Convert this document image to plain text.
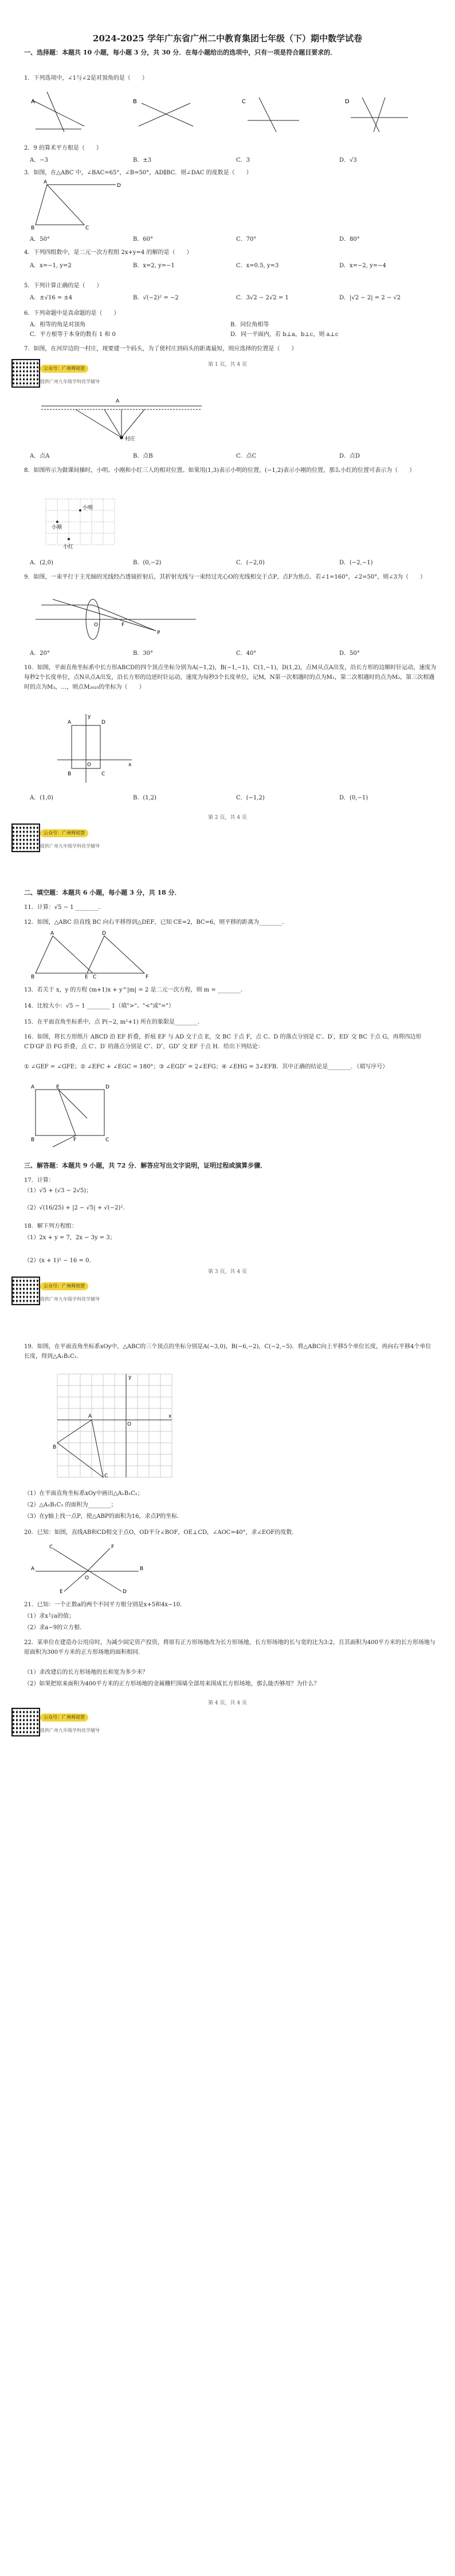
2024-2025 学年广东省广州二中教育集团七年级（下）期中数学试卷
一、选择题：本题共 10 小题，每小题 3 分，共 30 分．在每小题给出的选项中，只有一项是符合题目要求的．
1．下列选项中，∠1与∠2是对顶角的是（　　）
A	B	C	D
2．9 的算术平方根是（　　）
A．−3	B．±3	C．3	D．√3
3．如图，在△ABC 中，∠BAC=65°，∠B=50°，AD∥BC．则∠DAC 的度数是（　　）
A
B	C
D
A．50°	B．60°	C．70°	D．80°
4．下列四组数中，是二元一次方程组 2x+y=4 的解的是（　　）
A．x=−1, y=2	B．x=2, y=−1	C．x=0.5, y=3	D．x=−2, y=−4
5．下列计算正确的是（　　）
A．±√16 = ±4	B．√(−2)² = −2	C．3√2 − 2√2 = 1	D．|√2 − 2| = 2 − √2
6．下列命题中是真命题的是（　　）
A．相等的角是对顶角	B．同位角相等
C．平方根等于本身的数有 1 和 0	D．同一平面内，若 b⊥a，b⊥c，则 a⊥c
7．如图，在河岸边的一村庄，现要建一个码头，为了使村庄到码头的距离最短，则应选择的位置是（　　）
公众号：广州师初荟
提供广州九年级学科优学辅导
第 1 页，共 4 页
A
村庄
A．点A	B．点B	C．点C	D．点D
8．如图所示为做课间操时，小明、小刚和小红三人的相对位置。如果用(1,3)表示小明的位置，(−1,2)表示小刚的位置，那么小红的位置可表示为（　　）
小明
小刚
小红
A．(2,0)	B．(0,−2)	C．(−2,0)	D．(−2,−1)
9．如图，一束平行于主光轴的光线经凸透镜折射后，其折射光线与一束经过光心O的光线相交于点P，点F为焦点．若∠1=160°，∠2=50°，则∠3为（　　）
O	F
P
A．20°	B．30°	C．40°	D．50°
10．如图，平面直角坐标系中长方形ABCD的四个顶点坐标分别为A(−1,2)，B(−1,−1)，C(1,−1)，D(1,2)，点M从点A出发，沿长方形的边顺时针运动，速度为每秒2个长度单位，点N从点A出发，沿长方形的边逆时针运动，速度为每秒3个长度单位，记M，N第一次相遇时的点为M₁，第二次相遇时的点为M₂，第三次相遇时的点为M₃，…，则点M₂₀₂₅的坐标为（　　）
A	D
B	C
O	x
y
A．(1,0)	B．(1,2)	C．(−1,2)	D．(0,−1)
第 2 页，共 4 页
公众号：广州师初荟
提供广州九年级学科优学辅导
二、填空题：本题共 6 小题，每小题 3 分，共 18 分．
11．计算：√5 − 1 ________．
12．如图，△ABC 沿直线 BC 向右平移得到△DEF，已知 CE=2，BC=6，则平移的距离为________．
A
B	E C
D
F
13．若关于 x，y 的方程 (m+1)x + y^|m| = 2 是二元一次方程，则 m = ________．
14．比较大小：√5 − 1 ________ 1（填">"、"<"或"="）
15．在平面直角坐标系中，点 P(−2, m²+1) 所在的象限是________．
16．如图，将长方形纸片 ABCD 沿 EF 折叠，折痕 EF 与 AD 交于点 E，交 BC 于点 F，点 C、D 的落点分别是 C′、D′，ED′ 交 BC 于点 G，再将四边形 C′D′GF 沿 FG 折叠，点 C′、D′ 的落点分别是 C″、D″，GD″ 交 EF 于点 H．给出下列结论：
① ∠GEF = ∠GFE；② ∠EFC + ∠EGC = 180°；③ ∠EGD″ = 2∠EFG；④ ∠EHG = 3∠EFB．其中正确的结论是________．（填写序号）
A	E	D
B	F	C
三、解答题：本题共 9 小题，共 72 分．解答应写出文字说明，证明过程或演算步骤．
17．计算：
（1）√5 + (√3 − 2√5)；
（2）√(16/25) + |2 − √5| + √(−2)²．
18．解下列方程组：
（1）2x + y = 7，2x − 3y = 3；
（2）(x + 1)² − 16 = 0．
第 3 页，共 4 页
公众号：广州师初荟
提供广州九年级学科优学辅导
19．如图，在平面直角坐标系xOy中，△ABC的三个顶点的坐标分别是A(−3,0)，B(−6,−2)，C(−2,−5)．将△ABC向上平移5个单位长度，再向右平移4个单位长度，得到△A₁B₁C₁．
A
B
C
O
x
y
（1）在平面直角坐标系xOy中画出△A₁B₁C₁；
（2）△A₁B₁C₁ 的面积为________；
（3）在y轴上找一点P，使△ABP的面积为16，求点P的坐标．
20．已知：如图，直线AB和CD相交于点O，OD平分∠BOF，OE⊥CD，∠AOC=40°，求∠EOF的度数．
A	B
C
D
O
E
F
21．已知：一个正数a的两个不同平方根分别是x+5和4x−10．
（1）求x与a的值；
（2）求a−9的立方根．
22．某单位在建造办公用房时，为减少固定资产投资，将原有正方形场地改为长方形场地，长方形场地的长与宽的比为3:2，且其面积为400平方米的长方形场地与原面积为300平方米的正方形场地的面积相同．
（1）求改建后的长方形场地的长和宽为多少米？
（2）如果把原来面积为400平方米的正方形场地的金属栅栏围墙全部用来围成长方形场地，那么能否够用？为什么？
第 4 页，共 4 页
公众号：广州师初荟
提供广州九年级学科优学辅导
